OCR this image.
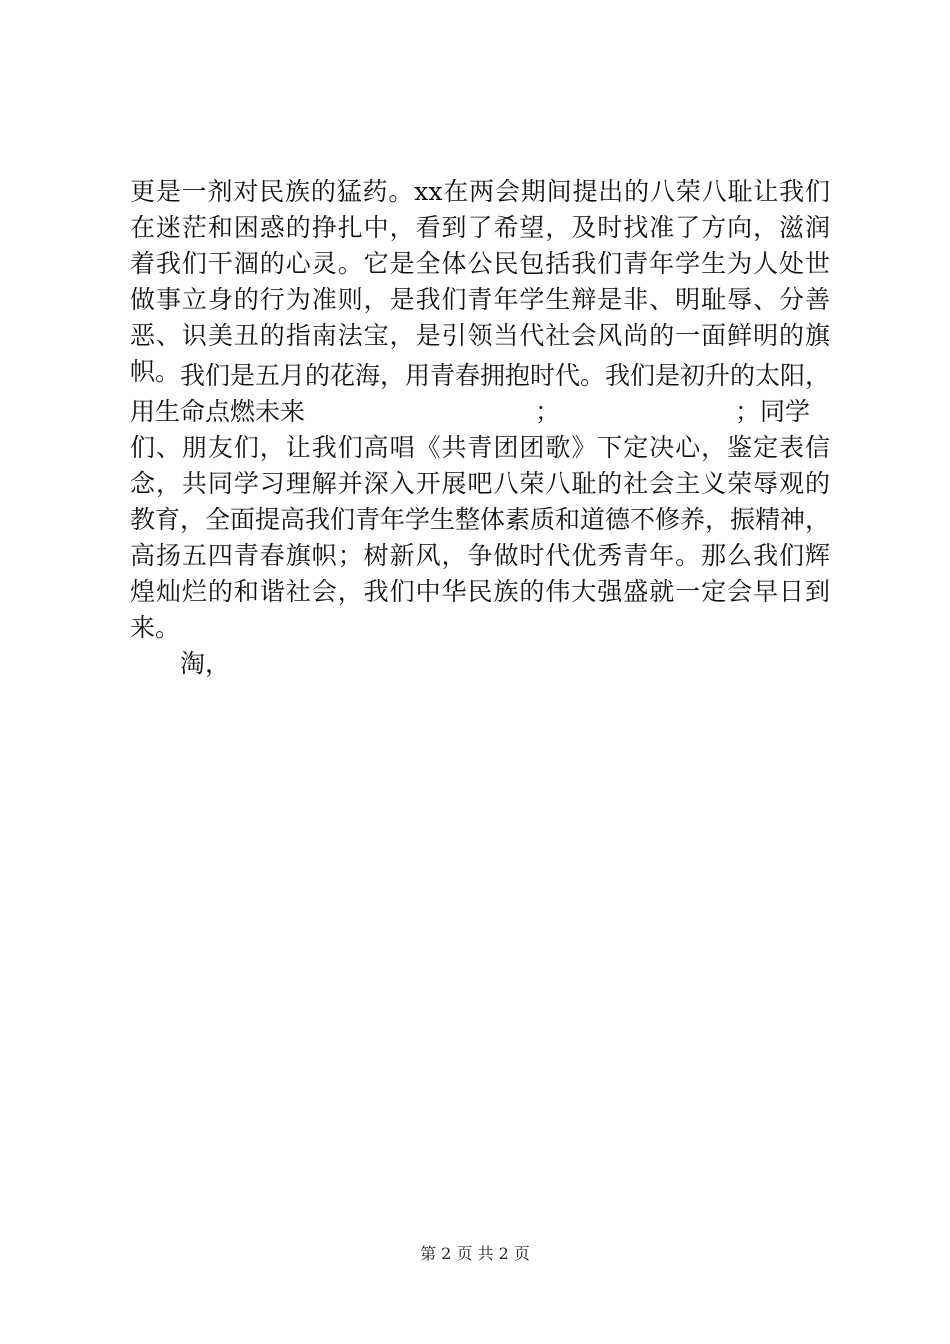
更是一剂对民族的猛药。xx在两会期间提出的八荣八耻让我们
在迷茫和困惑的挣扎中，看到了希望，及时找准了方向，滋润
着我们干涸的心灵。它是全体公民包括我们青年学生为人处世
做事立身的行为准则，是我们青年学生辩是非、明耻辱、分善
恶、识美丑的指南法宝，是引领当代社会风尚的一面鲜明的旗
帜。 我们是五月的花海，用青春拥抱时代。我们是初升的太阳，
用生命点燃未来	；	；同学
们、朋友们，让我们高唱《共青团团歌》下定决心，鉴定表信
念，共同学习理解并深入开展吧八荣八耻的社会主义荣辱观的
教育，全面提高我们青年学生整体素质和道德不修养，振精神，
高扬五四青春旗帜；树新风，争做时代优秀青年。那么我们辉
煌灿烂的和谐社会，我们中华民族的伟大强盛就一定会早日到
来。
淘，
第 2 页 共 2 页
